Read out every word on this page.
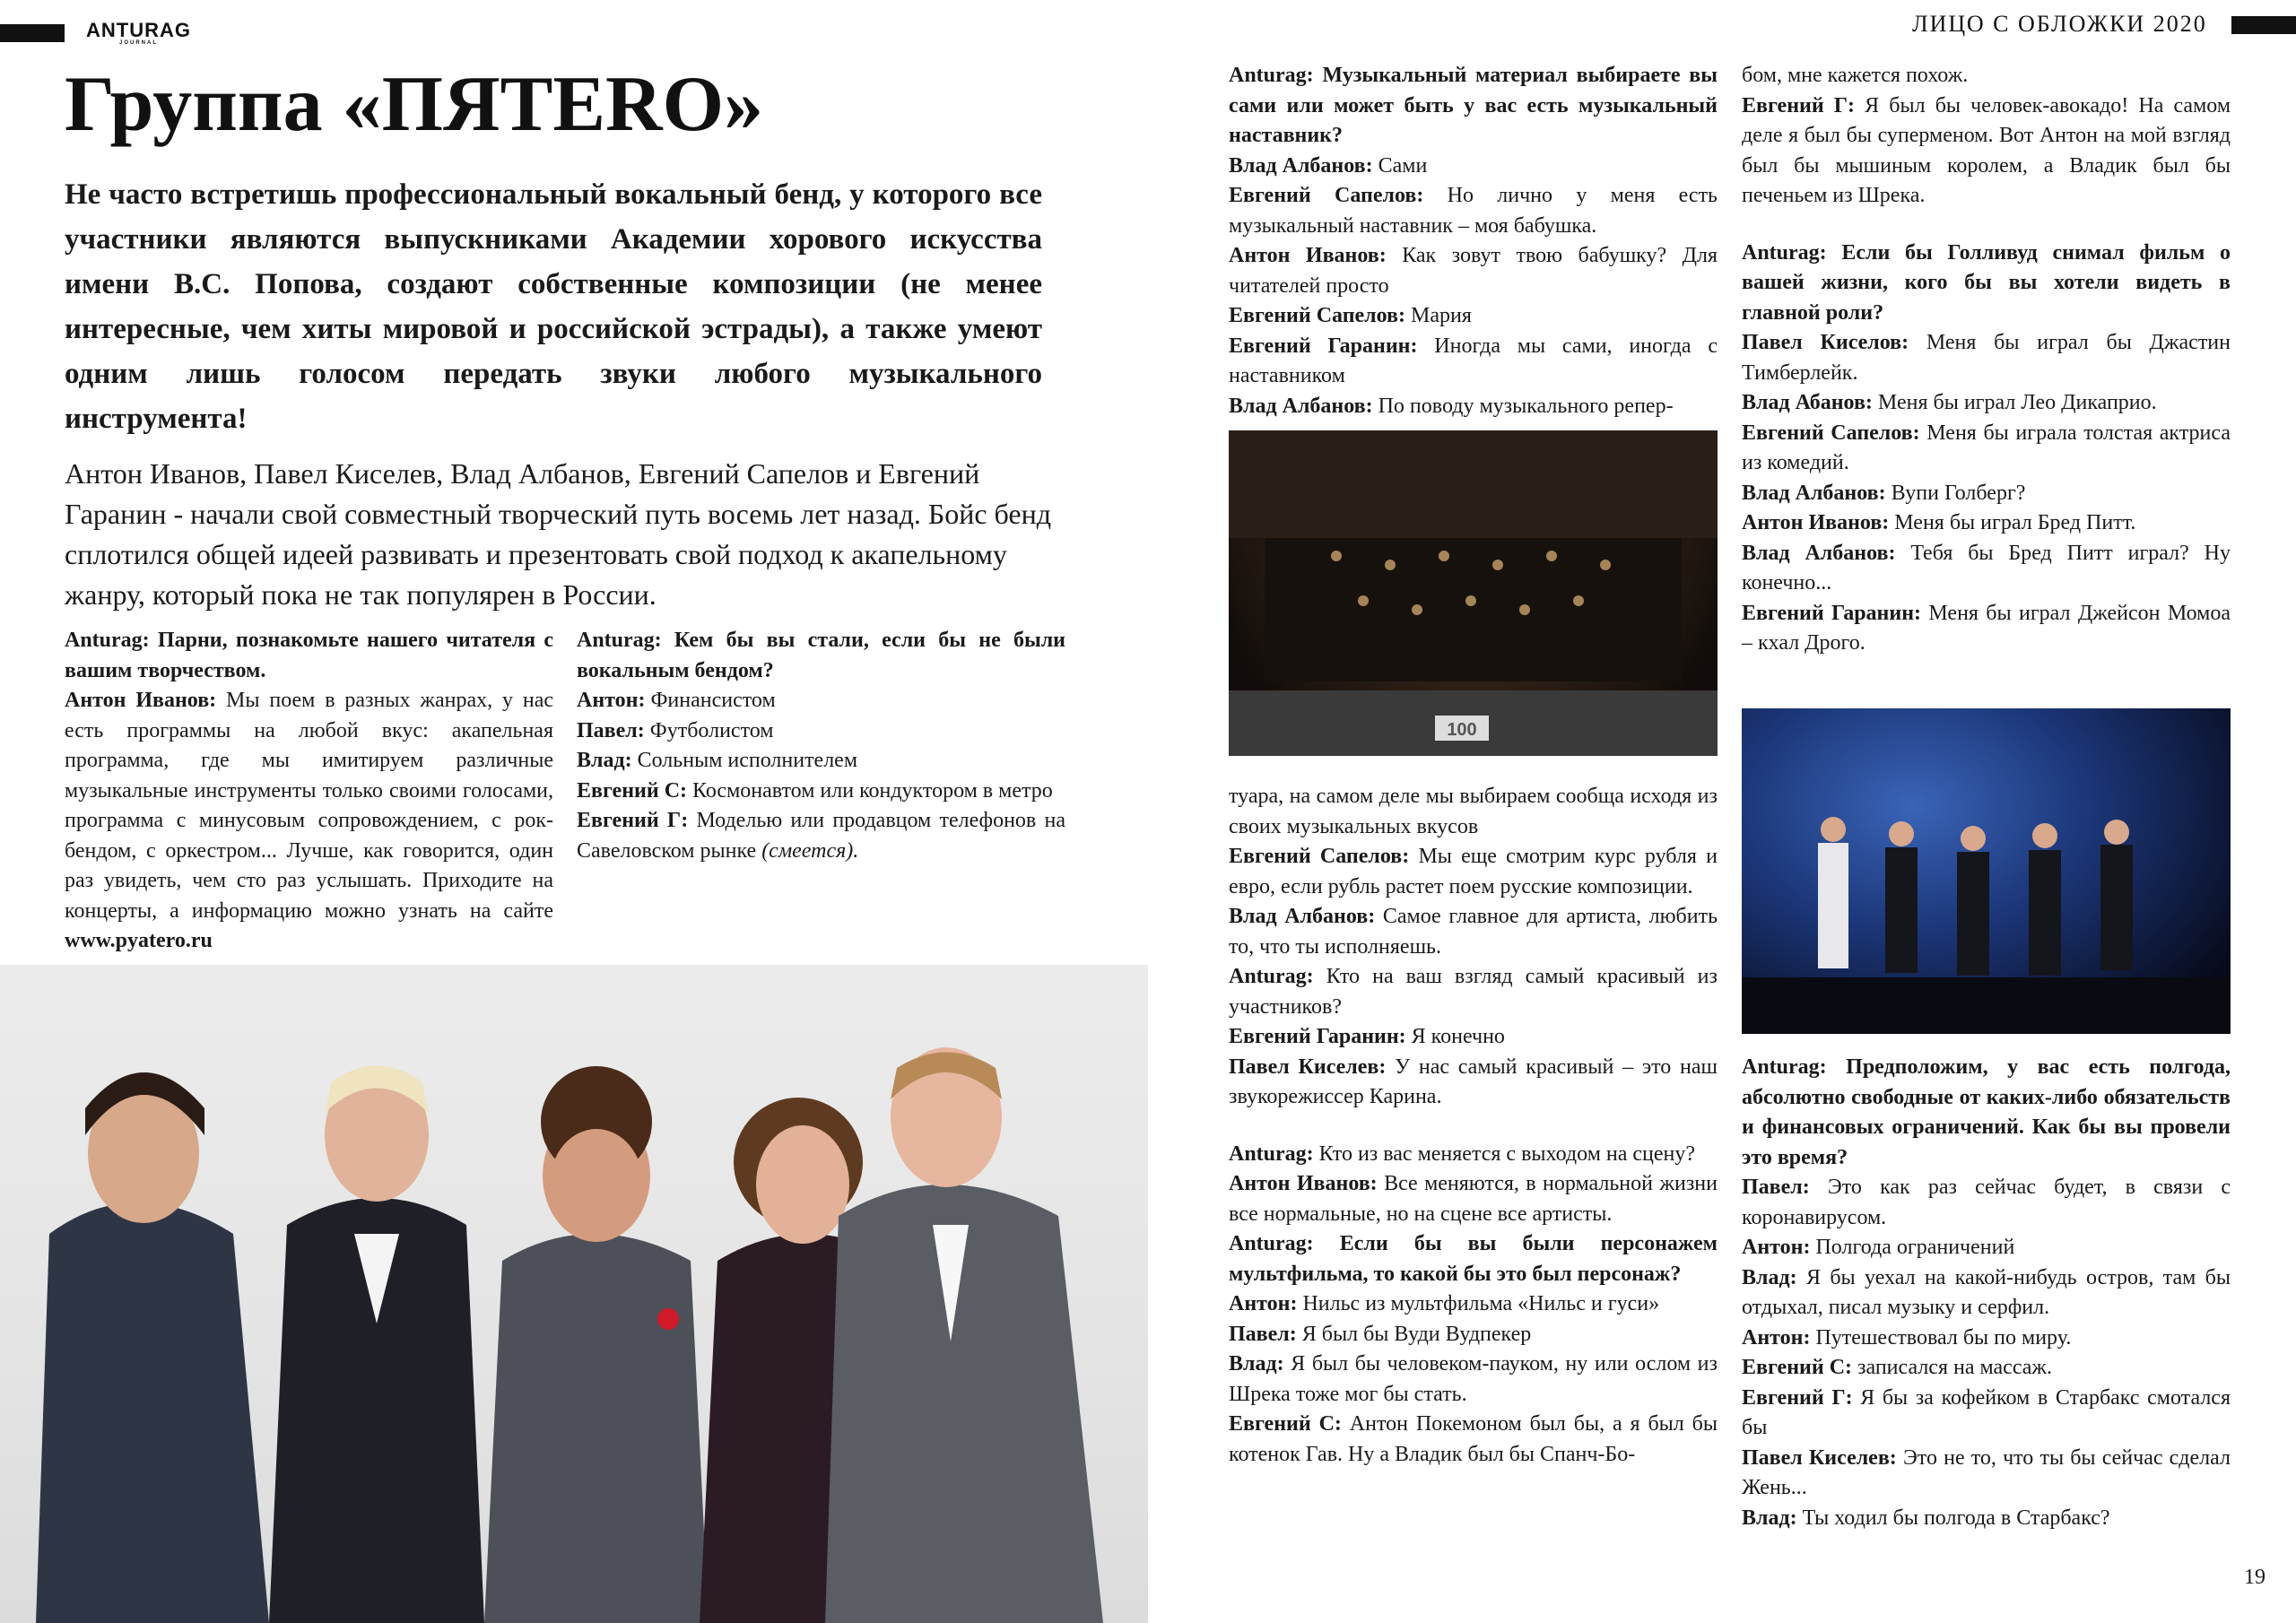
ANTURAG
JOURNAL
ЛИЦО С ОБЛОЖКИ 2020
Группа «ПЯТERO»
Не часто встретишь профессиональный вокальный бенд, у которого все участники являются выпускниками Академии хорового искусства имени В.С. Попова, создают собственные композиции (не менее интересные, чем хиты мировой и российской эстрады), а также умеют одним лишь голосом передать звуки любого музыкального инструмента!
Антон Иванов, Павел Киселев, Влад Албанов, Евгений Сапелов и Евгений Гаранин - начали свой совместный творческий путь восемь лет назад. Бойс бенд сплотился общей идеей развивать и презентовать свой подход к акапельному жанру, который пока не так популярен в России.

Anturag: Парни, познакомьте нашего читателя с вашим творчеством.

Антон Иванов: Мы поем в разных жанрах, у нас есть программы на любой вкус: акапельная программа, где мы имитируем различные музыкальные инструменты только своими голосами, программа с минусовым сопровождением, с рок-бендом, с оркестром... Лучше, как говорится, один раз увидеть, чем сто раз услышать. Приходите на концерты, а информацию можно узнать на сайте www.pyatero.ru

Anturag: Кем бы вы стали, если бы не были вокальным бендом?

Антон: Финансистом

Павел: Футболистом

Влад: Сольным исполнителем

Евгений С: Космонавтом или кондуктором в метро

Евгений Г: Моделью или продавцом телефонов на Савеловском рынке (смеется).

Anturag: Музыкальный материал выбираете вы сами или может быть у вас есть музыкальный наставник?

Влад Албанов: Сами

Евгений Сапелов: Но лично у меня есть музыкальный наставник – моя бабушка.

Антон Иванов: Как зовут твою бабушку? Для читателей просто

Евгений Сапелов: Мария

Евгений Гаранин: Иногда мы сами, иногда с наставником

Влад Албанов: По поводу музыкального репер-

туара, на самом деле мы выбираем сообща исходя из своих музыкальных вкусов

Евгений Сапелов: Мы еще смотрим курс рубля и евро, если рубль растет поем русские композиции.

Влад Албанов: Самое главное для артиста, любить то, что ты исполняешь.

Anturag: Кто на ваш взгляд самый красивый из участников?

Евгений Гаранин: Я конечно

Павел Киселев: У нас самый красивый – это наш звукорежиссер Карина.

Anturag: Кто из вас меняется с выходом на сцену?

Антон Иванов: Все меняются, в нормальной жизни все нормальные, но на сцене все артисты.

Anturag: Если бы вы были персонажем мультфильма, то какой бы это был персонаж?

Антон: Нильс из мультфильма «Нильс и гуси»

Павел: Я был бы Вуди Вудпекер

Влад: Я был бы человеком-пауком, ну или ослом из Шрека тоже мог бы стать.

Евгений С: Антон Покемоном был бы, а я был бы котенок Гав. Ну а Владик был бы Спанч-Бо-

бом, мне кажется похож.

Евгений Г: Я был бы человек-авокадо! На самом деле я был бы суперменом. Вот Антон на мой взгляд был бы мышиным королем, а Владик был бы печеньем из Шрека.

Anturag: Если бы Голливуд снимал фильм о вашей жизни, кого бы вы хотели видеть в главной роли?

Павел Киселов: Меня бы играл бы Джастин Тимберлейк.

Влад Абанов: Меня бы играл Лео Дикаприо.

Евгений Сапелов: Меня бы играла толстая актриса из комедий.

Влад Албанов: Вупи Голберг?

Антон Иванов: Меня бы играл Бред Питт.

Влад Албанов: Тебя бы Бред Питт играл? Ну конечно...

Евгений Гаранин: Меня бы играл Джейсон Момоа – кхал Дрого.

Anturag: Предположим, у вас есть полгода, абсолютно свободные от каких-либо обязательств и финансовых ограничений. Как бы вы провели это время?

Павел: Это как раз сейчас будет, в связи с коронавирусом.

Антон: Полгода ограничений

Влад: Я бы уехал на какой-нибудь остров, там бы отдыхал, писал музыку и серфил.

Антон: Путешествовал бы по миру.

Евгений С: записался на массаж.

Евгений Г: Я бы за кофейком в Старбакс смотался бы

Павел Киселев: Это не то, что ты бы сейчас сделал Жень...

Влад: Ты ходил бы полгода в Старбакс?

100
19
